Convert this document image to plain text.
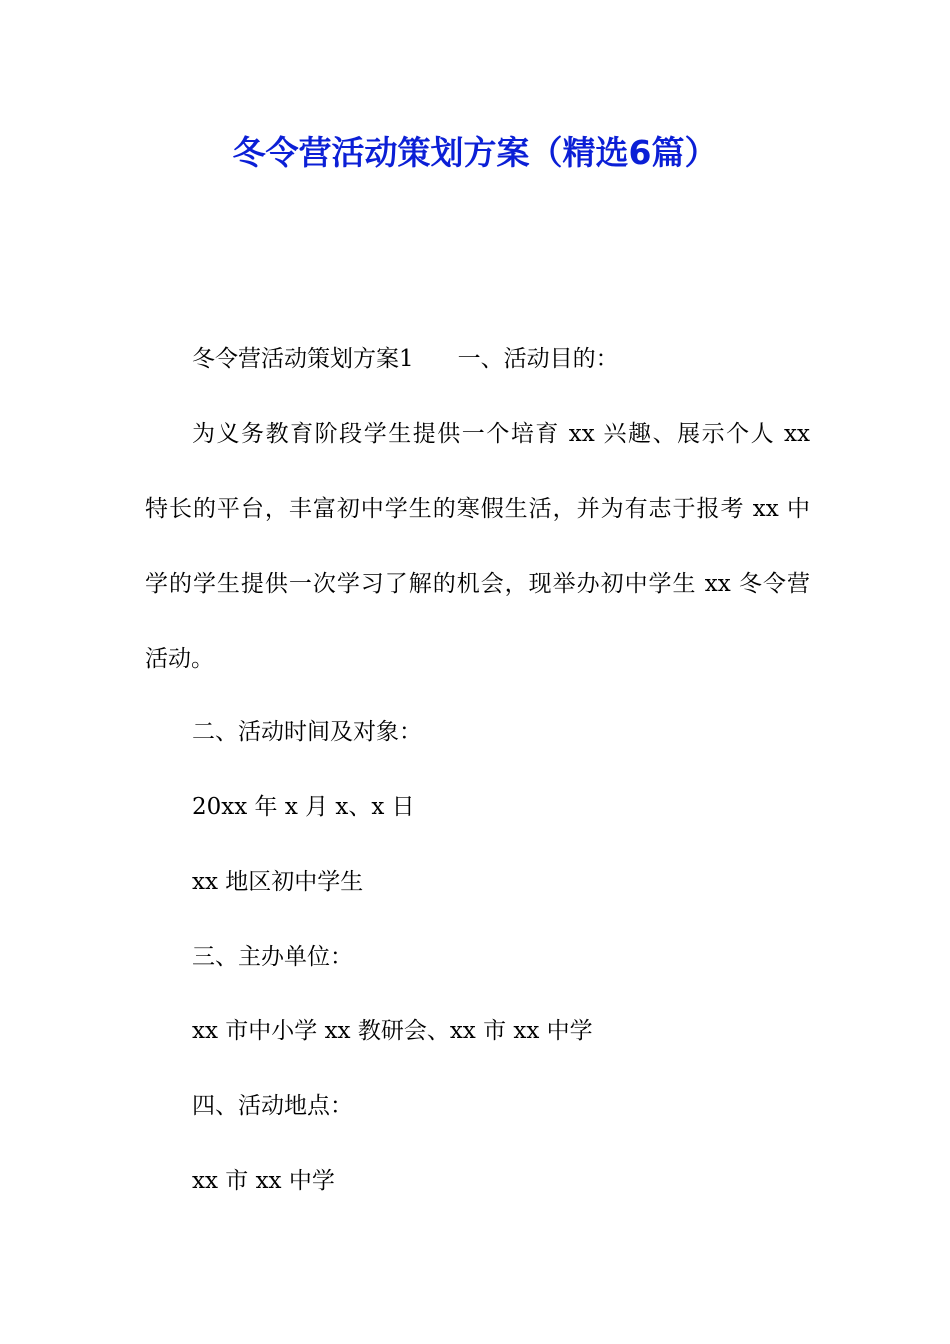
冬令营活动策划方案（精选6篇）
冬令营活动策划方案1 一、活动目的：
为义务教育阶段学生提供一个培育 xx 兴趣、展示个人 xx
特长的平台，丰富初中学生的寒假生活，并为有志于报考 xx 中
学的学生提供一次学习了解的机会，现举办初中学生 xx 冬令营
活动。
二、活动时间及对象：
20xx 年 x 月 x、x 日
xx 地区初中学生
三、主办单位：
xx 市中小学 xx 教研会、xx 市 xx 中学
四、活动地点：
xx 市 xx 中学
